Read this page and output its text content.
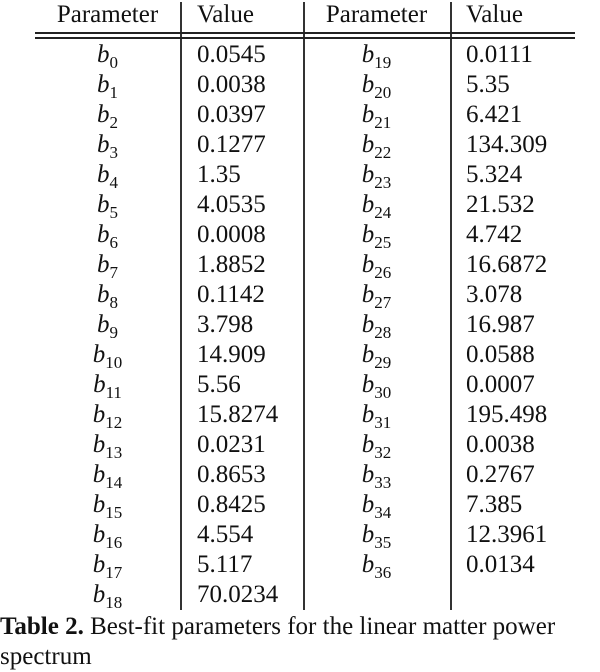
Parameter	Value	Parameter	Value
$b_0$	0.0545	$b_{19}$	0.0111
$b_1$	0.0038	$b_{20}$	5.35
$b_2$	0.0397	$b_{21}$	6.421
$b_3$	0.1277	$b_{22}$	134.309
$b_4$	1.35	$b_{23}$	5.324
$b_5$	4.0535	$b_{24}$	21.532
$b_6$	0.0008	$b_{25}$	4.742
$b_7$	1.8852	$b_{26}$	16.6872
$b_8$	0.1142	$b_{27}$	3.078
$b_9$	3.798	$b_{28}$	16.987
$b_{10}$	14.909	$b_{29}$	0.0588
$b_{11}$	5.56	$b_{30}$	0.0007
$b_{12}$	15.8274	$b_{31}$	195.498
$b_{13}$	0.0231	$b_{32}$	0.0038
$b_{14}$	0.8653	$b_{33}$	0.2767
$b_{15}$	0.8425	$b_{34}$	7.385
$b_{16}$	4.554	$b_{35}$	12.3961
$b_{17}$	5.117	$b_{36}$	0.0134
$b_{18}$	70.0234
Table 2. Best-fit parameters for the linear matter power spectrum
